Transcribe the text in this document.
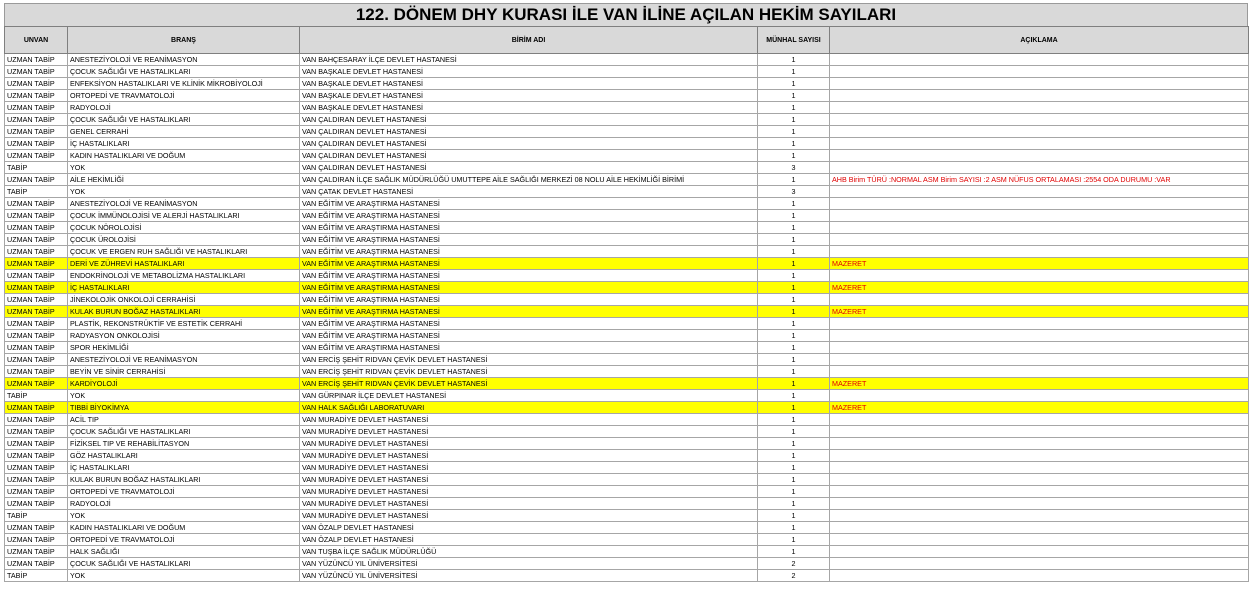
122. DÖNEM DHY KURASI İLE VAN İLİNE AÇILAN HEKİM SAYILARI
UNVAN	BRANŞ	BİRİM ADI	MÜNHAL SAYISI	AÇIKLAMA
UZMAN TABİP	ANESTEZİYOLOJİ VE REANİMASYON	VAN BAHÇESARAY İLÇE DEVLET HASTANESİ	1	
UZMAN TABİP	ÇOCUK SAĞLIĞI VE HASTALIKLARI	VAN BAŞKALE DEVLET HASTANESİ	1	
UZMAN TABİP	ENFEKSİYON HASTALIKLARI VE KLİNİK MİKROBİYOLOJİ	VAN BAŞKALE DEVLET HASTANESİ	1	
UZMAN TABİP	ORTOPEDİ VE TRAVMATOLOJİ	VAN BAŞKALE DEVLET HASTANESİ	1	
UZMAN TABİP	RADYOLOJİ	VAN BAŞKALE DEVLET HASTANESİ	1	
UZMAN TABİP	ÇOCUK SAĞLIĞI VE HASTALIKLARI	VAN ÇALDIRAN DEVLET HASTANESİ	1	
UZMAN TABİP	GENEL CERRAHİ	VAN ÇALDIRAN DEVLET HASTANESİ	1	
UZMAN TABİP	İÇ HASTALIKLARI	VAN ÇALDIRAN DEVLET HASTANESİ	1	
UZMAN TABİP	KADIN HASTALIKLARI VE DOĞUM	VAN ÇALDIRAN DEVLET HASTANESİ	1	
TABİP	YOK	VAN ÇALDIRAN DEVLET HASTANESİ	3	
UZMAN TABİP	AİLE HEKİMLİĞİ	VAN ÇALDIRAN İLÇE SAĞLIK MÜDÜRLÜĞÜ UMUTTEPE AİLE SAĞLIĞI MERKEZİ 08 NOLU AİLE HEKİMLİĞİ BİRİMİ	1	AHB Birim TÜRÜ :NORMAL ASM Birim SAYISI :2 ASM NÜFUS ORTALAMASI :2554 ODA DURUMU :VAR
TABİP	YOK	VAN ÇATAK DEVLET HASTANESİ	3	
UZMAN TABİP	ANESTEZİYOLOJİ VE REANİMASYON	VAN EĞİTİM VE ARAŞTIRMA HASTANESİ	1	
UZMAN TABİP	ÇOCUK İMMÜNOLOJİSİ VE ALERJİ HASTALIKLARI	VAN EĞİTİM VE ARAŞTIRMA HASTANESİ	1	
UZMAN TABİP	ÇOCUK NÖROLOJİSİ	VAN EĞİTİM VE ARAŞTIRMA HASTANESİ	1	
UZMAN TABİP	ÇOCUK ÜROLOJİSİ	VAN EĞİTİM VE ARAŞTIRMA HASTANESİ	1	
UZMAN TABİP	ÇOCUK VE ERGEN RUH SAĞLIĞI VE HASTALIKLARI	VAN EĞİTİM VE ARAŞTIRMA HASTANESİ	1	
UZMAN TABİP	DERİ VE ZÜHREVİ HASTALIKLARI	VAN EĞİTİM VE ARAŞTIRMA HASTANESİ	1	MAZERET
UZMAN TABİP	ENDOKRİNOLOJİ VE METABOLİZMA HASTALIKLARI	VAN EĞİTİM VE ARAŞTIRMA HASTANESİ	1	
UZMAN TABİP	İÇ HASTALIKLARI	VAN EĞİTİM VE ARAŞTIRMA HASTANESİ	1	MAZERET
UZMAN TABİP	JİNEKOLOJİK ONKOLOJİ CERRAHİSİ	VAN EĞİTİM VE ARAŞTIRMA HASTANESİ	1	
UZMAN TABİP	KULAK BURUN BOĞAZ HASTALIKLARI	VAN EĞİTİM VE ARAŞTIRMA HASTANESİ	1	MAZERET
UZMAN TABİP	PLASTİK, REKONSTRÜKTİF VE ESTETİK CERRAHİ	VAN EĞİTİM VE ARAŞTIRMA HASTANESİ	1	
UZMAN TABİP	RADYASYON ONKOLOJİSİ	VAN EĞİTİM VE ARAŞTIRMA HASTANESİ	1	
UZMAN TABİP	SPOR HEKİMLİĞİ	VAN EĞİTİM VE ARAŞTIRMA HASTANESİ	1	
UZMAN TABİP	ANESTEZİYOLOJİ VE REANİMASYON	VAN ERCİŞ ŞEHİT RIDVAN ÇEVİK DEVLET HASTANESİ	1	
UZMAN TABİP	BEYİN VE SİNİR CERRAHİSİ	VAN ERCİŞ ŞEHİT RIDVAN ÇEVİK DEVLET HASTANESİ	1	
UZMAN TABİP	KARDİYOLOJİ	VAN ERCİŞ ŞEHİT RIDVAN ÇEVİK DEVLET HASTANESİ	1	MAZERET
TABİP	YOK	VAN GÜRPINAR İLÇE DEVLET HASTANESİ	1	
UZMAN TABİP	TIBBİ BİYOKİMYA	VAN HALK SAĞLIĞI LABORATUVARI	1	MAZERET
UZMAN TABİP	ACİL TIP	VAN MURADİYE DEVLET HASTANESİ	1	
UZMAN TABİP	ÇOCUK SAĞLIĞI VE HASTALIKLARI	VAN MURADİYE DEVLET HASTANESİ	1	
UZMAN TABİP	FİZİKSEL TIP VE REHABİLİTASYON	VAN MURADİYE DEVLET HASTANESİ	1	
UZMAN TABİP	GÖZ HASTALIKLARI	VAN MURADİYE DEVLET HASTANESİ	1	
UZMAN TABİP	İÇ HASTALIKLARI	VAN MURADİYE DEVLET HASTANESİ	1	
UZMAN TABİP	KULAK BURUN BOĞAZ HASTALIKLARI	VAN MURADİYE DEVLET HASTANESİ	1	
UZMAN TABİP	ORTOPEDİ VE TRAVMATOLOJİ	VAN MURADİYE DEVLET HASTANESİ	1	
UZMAN TABİP	RADYOLOJİ	VAN MURADİYE DEVLET HASTANESİ	1	
TABİP	YOK	VAN MURADİYE DEVLET HASTANESİ	1	
UZMAN TABİP	KADIN HASTALIKLARI VE DOĞUM	VAN ÖZALP DEVLET HASTANESİ	1	
UZMAN TABİP	ORTOPEDİ VE TRAVMATOLOJİ	VAN ÖZALP DEVLET HASTANESİ	1	
UZMAN TABİP	HALK SAĞLIĞI	VAN TUŞBA İLÇE SAĞLIK MÜDÜRLÜĞÜ	1	
UZMAN TABİP	ÇOCUK SAĞLIĞI VE HASTALIKLARI	VAN YÜZÜNCÜ YIL ÜNİVERSİTESİ	2	
TABİP	YOK	VAN YÜZÜNCÜ YIL ÜNİVERSİTESİ	2	
